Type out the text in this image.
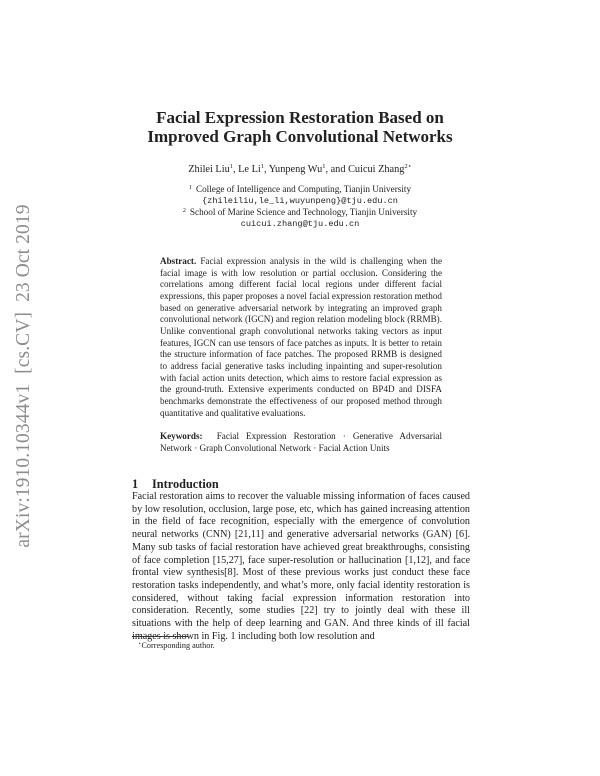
arXiv:1910.10344v1[cs.CV]23 Oct 2019
Facial Expression Restoration Based on
Improved Graph Convolutional Networks
Zhilei Liu$^1$, Le Li$^1$, Yunpeng Wu$^1$, and Cuicui Zhang$^{2⋆}$
$^1$ College of Intelligence and Computing, Tianjin University
{zhileiliu,le_li,wuyunpeng}@tju.edu.cn
$^2$ School of Marine Science and Technology, Tianjin University
cuicui.zhang@tju.edu.cn
Abstract. Facial expression analysis in the wild is challenging when the facial image is with low resolution or partial occlusion. Considering the correlations among different facial local regions under different facial expressions, this paper proposes a novel facial expression restoration method based on generative adversarial network by integrating an improved graph convolutional network (IGCN) and region relation modeling block (RRMB). Unlike conventional graph convolutional networks taking vectors as input features, IGCN can use tensors of face patches as inputs. It is better to retain the structure information of face patches. The proposed RRMB is designed to address facial generative tasks including inpainting and super-resolution with facial action units detection, which aims to restore facial expression as the ground-truth. Extensive experiments conducted on BP4D and DISFA benchmarks demonstrate the effectiveness of our proposed method through quantitative and qualitative evaluations.
Keywords: Facial Expression Restoration · Generative Adversarial Network · Graph Convolutional Network · Facial Action Units
1 Introduction
Facial restoration aims to recover the valuable missing information of faces caused by low resolution, occlusion, large pose, etc, which has gained increasing attention in the field of face recognition, especially with the emergence of convolution neural networks (CNN) [21,11] and generative adversarial networks (GAN) [6]. Many sub tasks of facial restoration have achieved great breakthroughs, consisting of face completion [15,27], face super-resolution or hallucination [1,12], and face frontal view synthesis[8]. Most of these previous works just conduct these face restoration tasks independently, and what’s more, only facial identity restoration is considered, without taking facial expression information restoration into consideration. Recently, some studies [22] try to jointly deal with these ill situations with the help of deep learning and GAN. And three kinds of ill facial images is shown in Fig. 1 including both low resolution and
⋆Corresponding author.
